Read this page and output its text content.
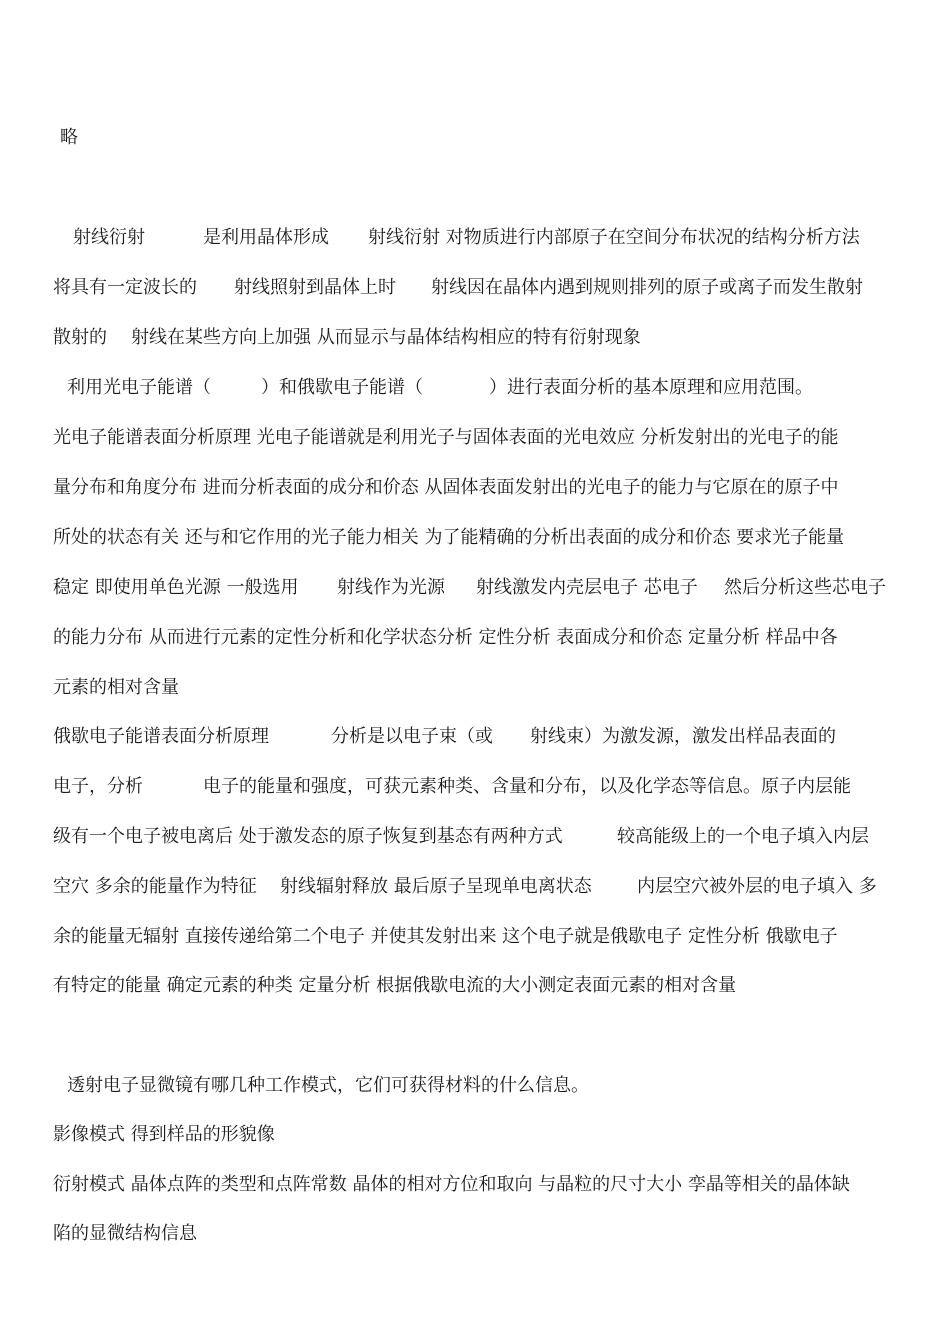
略
射线衍射	是利用晶体形成 射线衍射 对物质进行内部原子在空间分布状况的结构分析方法
将具有一定波长的 射线照射到晶体上时 射线因在晶体内遇到规则排列的原子或离子而发生散射
散射的 射线在某些方向上加强 从而显示与晶体结构相应的特有衍射现象
利用光电子能谱（	）和俄歇电子能谱（	）进行表面分析的基本原理和应用范围。
光电子能谱表面分析原理 光电子能谱就是利用光子与固体表面的光电效应 分析发射出的光电子的能
量分布和角度分布 进而分析表面的成分和价态 从固体表面发射出的光电子的能力与它原在的原子中
所处的状态有关 还与和它作用的光子能力相关 为了能精确的分析出表面的成分和价态 要求光子能量
稳定 即使用单色光源 一般选用 射线作为光源 射线激发内壳层电子 芯电子 然后分析这些芯电子
的能力分布 从而进行元素的定性分析和化学状态分析 定性分析 表面成分和价态 定量分析 样品中各
元素的相对含量
俄歇电子能谱表面分析原理	分析是以电子束（或 射线束）为激发源，激发出样品表面的
电子，分析	电子的能量和强度，可获元素种类、含量和分布，以及化学态等信息。原子内层能
级有一个电子被电离后 处于激发态的原子恢复到基态有两种方式	较高能级上的一个电子填入内层
空穴 多余的能量作为特征 射线辐射释放 最后原子呈现单电离状态	内层空穴被外层的电子填入 多
余的能量无辐射 直接传递给第二个电子 并使其发射出来 这个电子就是俄歇电子 定性分析 俄歇电子
有特定的能量 确定元素的种类 定量分析 根据俄歇电流的大小测定表面元素的相对含量
透射电子显微镜有哪几种工作模式，它们可获得材料的什么信息。
影像模式 得到样品的形貌像
衍射模式 晶体点阵的类型和点阵常数 晶体的相对方位和取向 与晶粒的尺寸大小 孪晶等相关的晶体缺
陷的显微结构信息
